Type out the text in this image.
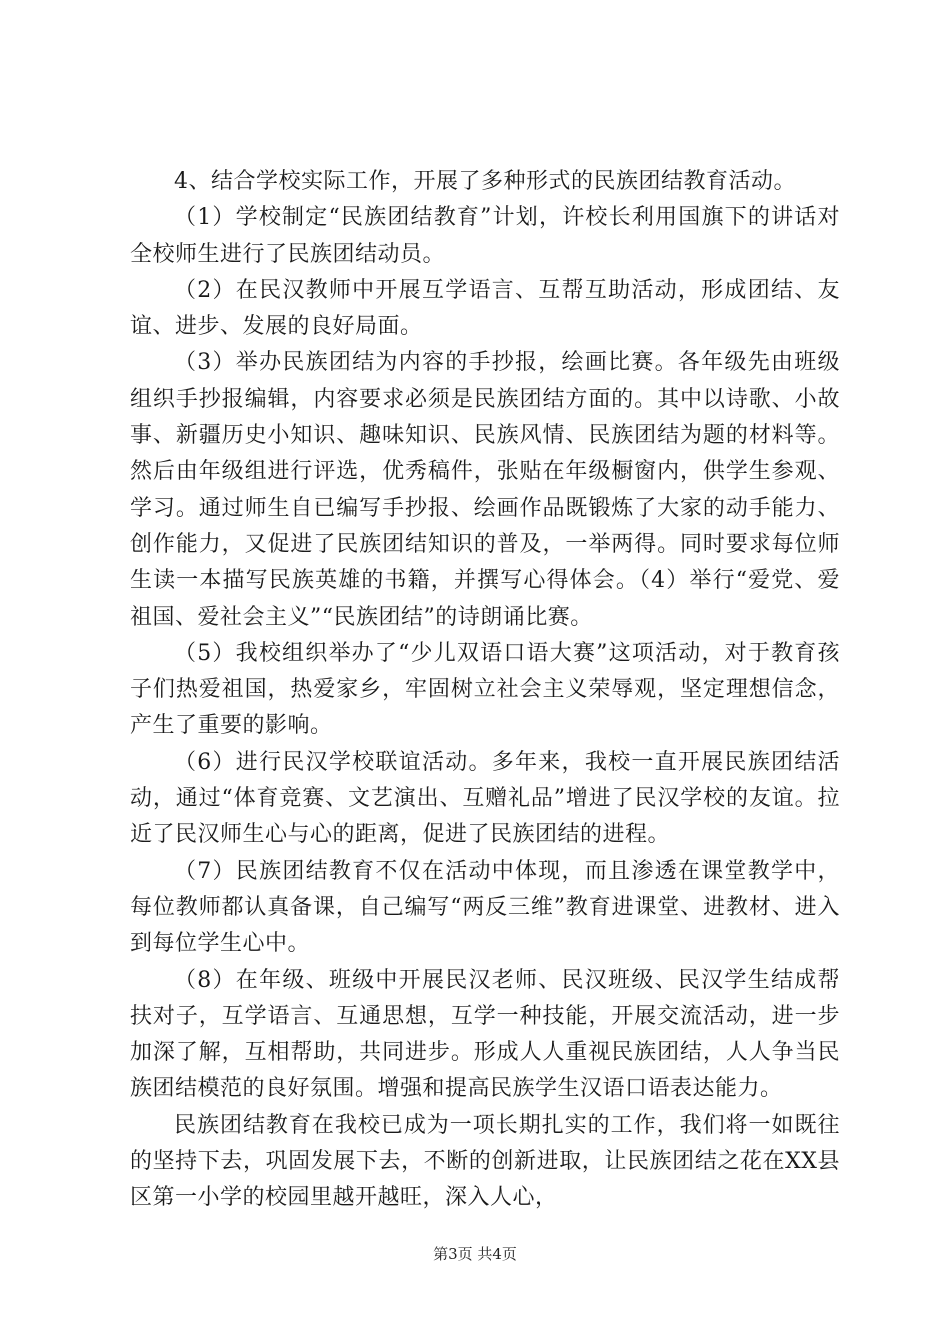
4、结合学校实际工作，开展了多种形式的民族团结教育活动。

（1）学校制定“民族团结教育”计划，许校长利用国旗下的讲话对全校师生进行了民族团结动员。

（2）在民汉教师中开展互学语言、互帮互助活动，形成团结、友谊、进步、发展的良好局面。

（3）举办民族团结为内容的手抄报，绘画比赛。各年级先由班级组织手抄报编辑，内容要求必须是民族团结方面的。其中以诗歌、小故事、新疆历史小知识、趣味知识、民族风情、民族团结为题的材料等。然后由年级组进行评选，优秀稿件，张贴在年级橱窗内，供学生参观、学习。通过师生自已编写手抄报、绘画作品既锻炼了大家的动手能力、创作能力，又促进了民族团结知识的普及，一举两得。同时要求每位师生读一本描写民族英雄的书籍，并撰写心得体会。（4）举行“爱党、爱祖国、爱社会主义”“民族团结”的诗朗诵比赛。

（5）我校组织举办了“少儿双语口语大赛”这项活动，对于教育孩子们热爱祖国，热爱家乡，牢固树立社会主义荣辱观，坚定理想信念，产生了重要的影响。

（6）进行民汉学校联谊活动。多年来，我校一直开展民族团结活动，通过“体育竞赛、文艺演出、互赠礼品”增进了民汉学校的友谊。拉近了民汉师生心与心的距离，促进了民族团结的进程。

（7）民族团结教育不仅在活动中体现，而且渗透在课堂教学中，每位教师都认真备课，自己编写“两反三维”教育进课堂、进教材、进入到每位学生心中。

（8）在年级、班级中开展民汉老师、民汉班级、民汉学生结成帮扶对子，互学语言、互通思想，互学一种技能，开展交流活动，进一步加深了解，互相帮助，共同进步。形成人人重视民族团结，人人争当民族团结模范的良好氛围。增强和提高民族学生汉语口语表达能力。

民族团结教育在我校已成为一项长期扎实的工作，我们将一如既往的坚持下去，巩固发展下去，不断的创新进取，让民族团结之花在XX县区第一小学的校园里越开越旺，深入人心，

第3页 共4页
